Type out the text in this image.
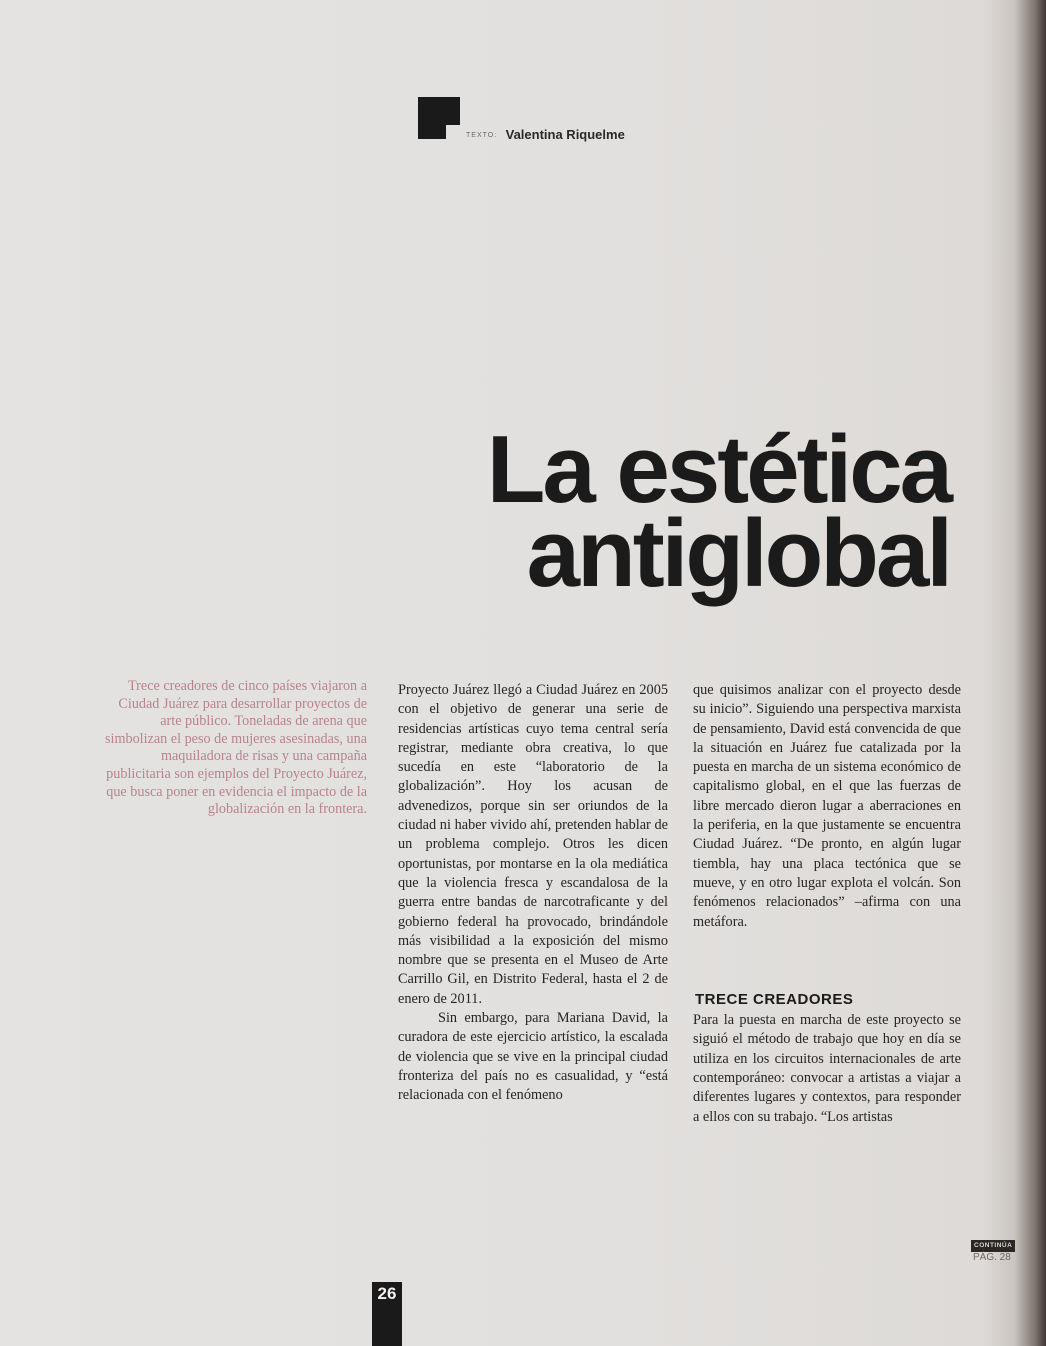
TEXTO: Valentina Riquelme
La estética
antiglobal

Trece creadores de cinco países viajaron a Ciudad Juárez para desarrollar proyectos de arte público. Toneladas de arena que simbolizan el peso de mujeres asesinadas, una maquiladora de risas y una campaña publicitaria son ejemplos del Proyecto Juárez, que busca poner en evidencia el impacto de la globalización en la frontera.

Proyecto Juárez llegó a Ciudad Juárez en 2005 con el objetivo de generar una serie de residencias artísticas cuyo tema central sería registrar, mediante obra creativa, lo que sucedía en este “laboratorio de la globalización”. Hoy los acusan de advenedizos, porque sin ser oriundos de la ciudad ni haber vivido ahí, pretenden hablar de un problema complejo. Otros les dicen oportunistas, por montarse en la ola mediática que la violencia fresca y escandalosa de la guerra entre bandas de narcotraficante y del gobierno federal ha provocado, brindándole más visibilidad a la exposición del mismo nombre que se presenta en el Museo de Arte Carrillo Gil, en Distrito Federal, hasta el 2 de enero de 2011.

Sin embargo, para Mariana David, la curadora de este ejercicio artístico, la escalada de violencia que se vive en la principal ciudad fronteriza del país no es casualidad, y “está relacionada con el fenómeno

que quisimos analizar con el proyecto desde su inicio”. Siguiendo una perspectiva marxista de pensamiento, David está convencida de que la situación en Juárez fue catalizada por la puesta en marcha de un sistema económico de capitalismo global, en el que las fuerzas de libre mercado dieron lugar a aberraciones en la periferia, en la que justamente se encuentra Ciudad Juárez. “De pronto, en algún lugar tiembla, hay una placa tectónica que se mueve, y en otro lugar explota el volcán. Son fenómenos relacionados” –afirma con una metáfora.

TRECE CREADORES

Para la puesta en marcha de este proyecto se siguió el método de trabajo que hoy en día se utiliza en los circuitos internacionales de arte contemporáneo: convocar a artistas a viajar a diferentes lugares y contextos, para responder a ellos con su trabajo. “Los artistas

CONTINÚA
PÁG. 28
26
